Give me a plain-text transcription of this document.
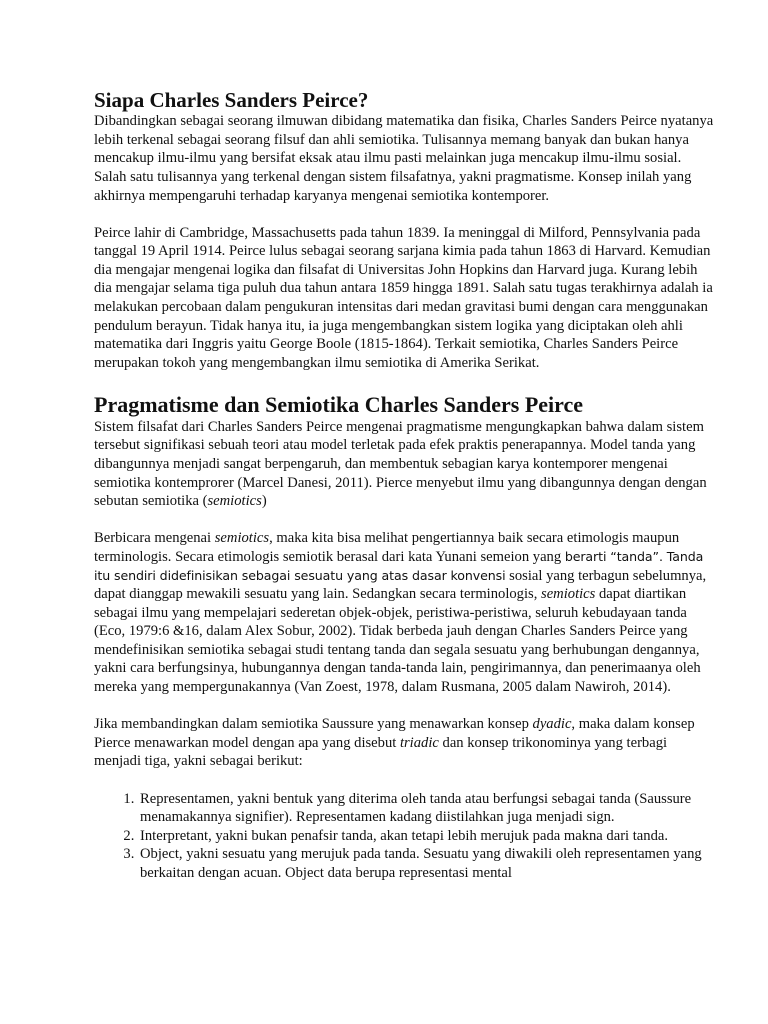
Siapa Charles Sanders Peirce?

Dibandingkan sebagai seorang ilmuwan dibidang matematika dan fisika, Charles Sanders Peirce nyatanya lebih terkenal sebagai seorang filsuf dan ahli semiotika. Tulisannya memang banyak dan bukan hanya mencakup ilmu-ilmu yang bersifat eksak atau ilmu pasti melainkan juga mencakup ilmu-ilmu sosial. Salah satu tulisannya yang terkenal dengan sistem filsafatnya, yakni pragmatisme. Konsep inilah yang akhirnya mempengaruhi terhadap karyanya mengenai semiotika kontemporer.

Peirce lahir di Cambridge, Massachusetts pada tahun 1839. Ia meninggal di Milford, Pennsylvania pada tanggal 19 April 1914. Peirce lulus sebagai seorang sarjana kimia pada tahun 1863 di Harvard. Kemudian dia mengajar mengenai logika dan filsafat di Universitas John Hopkins dan Harvard juga. Kurang lebih dia mengajar selama tiga puluh dua tahun antara 1859 hingga 1891. Salah satu tugas terakhirnya adalah ia melakukan percobaan dalam pengukuran intensitas dari medan gravitasi bumi dengan cara menggunakan pendulum berayun. Tidak hanya itu, ia juga mengembangkan sistem logika yang diciptakan oleh ahli matematika dari Inggris yaitu George Boole (1815-1864). Terkait semiotika, Charles Sanders Peirce merupakan tokoh yang mengembangkan ilmu semiotika di Amerika Serikat.

Pragmatisme dan Semiotika Charles Sanders Peirce

Sistem filsafat dari Charles Sanders Peirce mengenai pragmatisme mengungkapkan bahwa dalam sistem tersebut signifikasi sebuah teori atau model terletak pada efek praktis penerapannya. Model tanda yang dibangunnya menjadi sangat berpengaruh, dan membentuk sebagian karya kontemporer mengenai semiotika kontemprorer (Marcel Danesi, 2011). Pierce menyebut ilmu yang dibangunnya dengan dengan sebutan semiotika (semiotics)

Berbicara mengenai semiotics, maka kita bisa melihat pengertiannya baik secara etimologis maupun terminologis. Secara etimologis semiotik berasal dari kata Yunani semeion yang berarti “tanda”. Tanda itu sendiri didefinisikan sebagai sesuatu yang atas dasar konvensi sosial yang terbagun sebelumnya, dapat dianggap mewakili sesuatu yang lain. Sedangkan secara terminologis, semiotics dapat diartikan sebagai ilmu yang mempelajari sederetan objek-objek, peristiwa-peristiwa, seluruh kebudayaan tanda (Eco, 1979:6 &16, dalam Alex Sobur, 2002). Tidak berbeda jauh dengan Charles Sanders Peirce yang mendefinisikan semiotika sebagai studi tentang tanda dan segala sesuatu yang berhubungan dengannya, yakni cara berfungsinya, hubungannya dengan tanda-tanda lain, pengirimannya, dan penerimaanya oleh mereka yang mempergunakannya (Van Zoest, 1978, dalam Rusmana, 2005 dalam Nawiroh, 2014).

Jika membandingkan dalam semiotika Saussure yang menawarkan konsep dyadic, maka dalam konsep Pierce menawarkan model dengan apa yang disebut triadic dan konsep trikonominya yang terbagi menjadi tiga, yakni sebagai berikut:

1. Representamen, yakni bentuk yang diterima oleh tanda atau berfungsi sebagai tanda (Saussure menamakannya signifier). Representamen kadang diistilahkan juga menjadi sign.
2. Interpretant, yakni bukan penafsir tanda, akan tetapi lebih merujuk pada makna dari tanda.
3. Object, yakni sesuatu yang merujuk pada tanda. Sesuatu yang diwakili oleh representamen yang berkaitan dengan acuan. Object data berupa representasi mental
